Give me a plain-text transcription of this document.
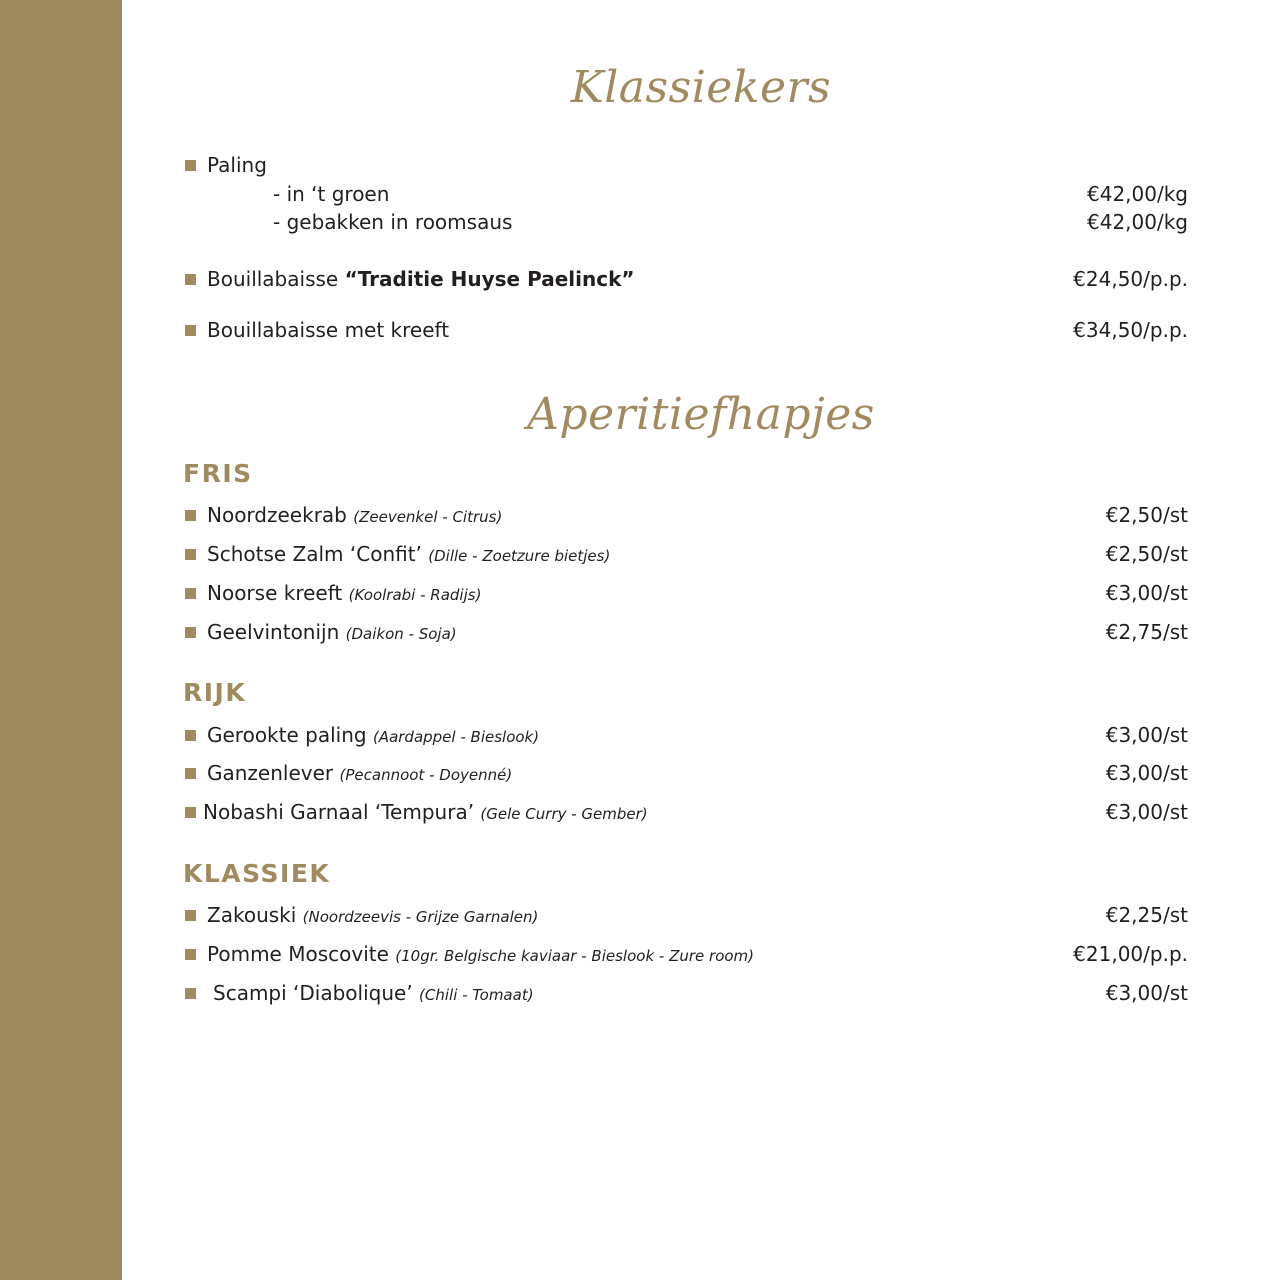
Klassiekers
Paling
- in ‘t groen	€42,00/kg
- gebakken in roomsaus	€42,00/kg
Bouillabaisse “Traditie Huyse Paelinck”	€24,50/p.p.
Bouillabaisse met kreeft	€34,50/p.p.
Aperitiefhapjes
FRIS
Noordzeekrab (Zeevenkel - Citrus)	€2,50/st
Schotse Zalm ‘Confit’ (Dille - Zoetzure bietjes)	€2,50/st
Noorse kreeft (Koolrabi - Radijs)	€3,00/st
Geelvintonijn (Daikon - Soja)	€2,75/st
RIJK
Gerookte paling (Aardappel - Bieslook)	€3,00/st
Ganzenlever (Pecannoot - Doyenné)	€3,00/st
Nobashi Garnaal ‘Tempura’ (Gele Curry - Gember)	€3,00/st
KLASSIEK
Zakouski (Noordzeevis - Grijze Garnalen)	€2,25/st
Pomme Moscovite (10gr. Belgische kaviaar - Bieslook - Zure room)	€21,00/p.p.
Scampi ‘Diabolique’ (Chili - Tomaat)	€3,00/st
